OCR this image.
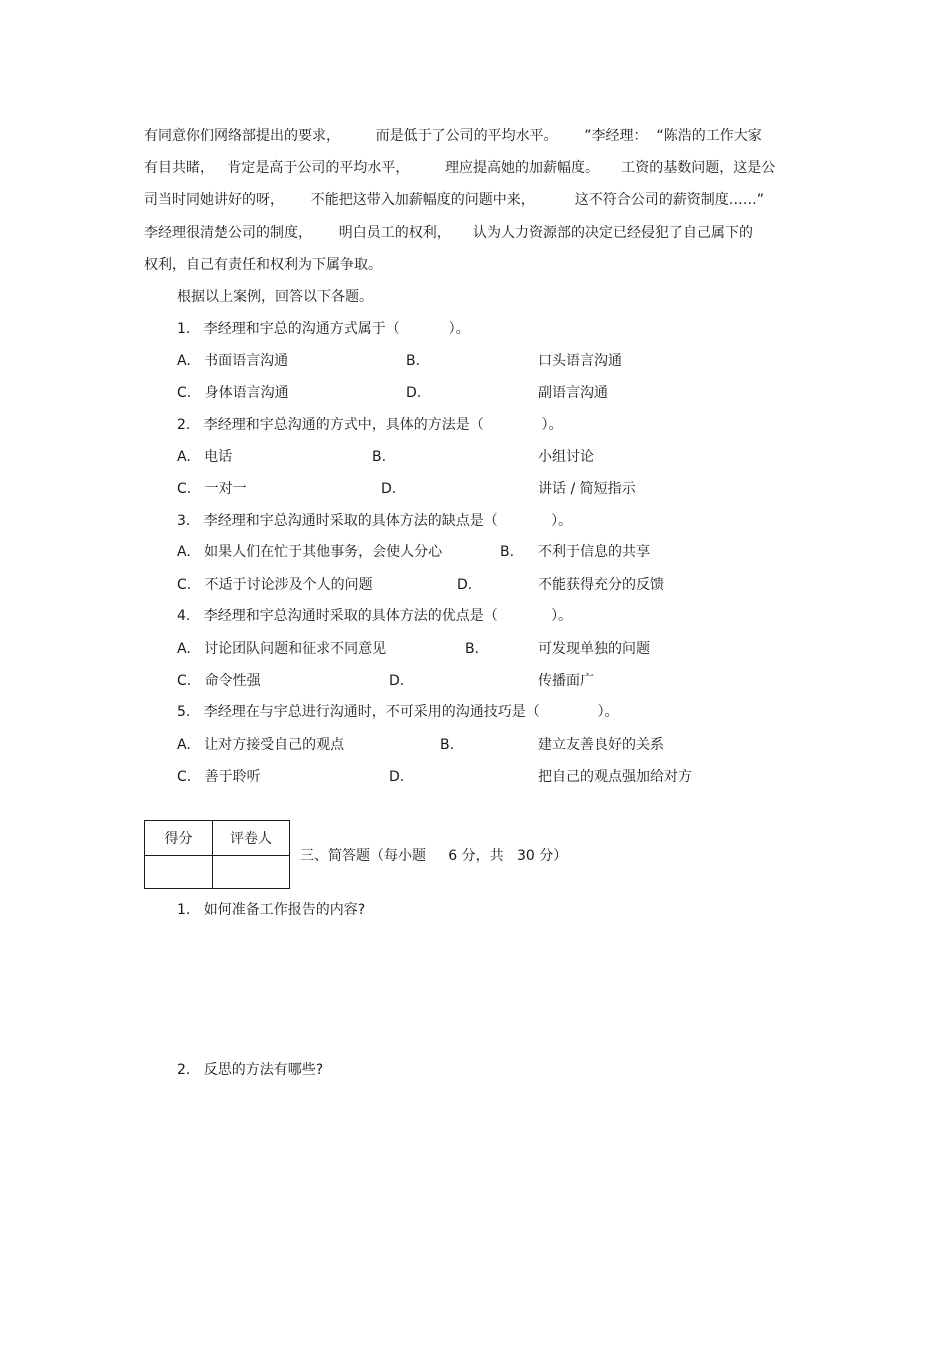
有同意你们网络部提出的要求，        而是低于了公司的平均水平。      ”李经理：  “陈浩的工作大家
有目共睹，   肯定是高于公司的平均水平，        理应提高她的加薪幅度。     工资的基数问题，这是公
司当时同她讲好的呀，      不能把这带入加薪幅度的问题中来，         这不符合公司的薪资制度……”
李经理很清楚公司的制度，      明白员工的权利，     认为人力资源部的决定已经侵犯了自己属下的
权利，自己有责任和权利为下属争取。
根据以上案例，回答以下各题。
1.   李经理和宇总的沟通方式属于（           ）。
A.   书面语言沟通	B.	口头语言沟通
C.   身体语言沟通	D.	副语言沟通
2.   李经理和宇总沟通的方式中，具体的方法是（             ）。
A.   电话	B.	小组讨论
C.   一对一	D.	讲话 / 简短指示
3.   李经理和宇总沟通时采取的具体方法的缺点是（            ）。
A.   如果人们在忙于其他事务，会使人分心	B. 不利于信息的共享
C.   不适于讨论涉及个人的问题	D.	不能获得充分的反馈
4.   李经理和宇总沟通时采取的具体方法的优点是（            ）。
A.   讨论团队问题和征求不同意见	B.	可发现单独的问题
C.   命令性强	D.	传播面广
5.   李经理在与宇总进行沟通时，不可采用的沟通技巧是（             ）。
A.   让对方接受自己的观点	B.	建立友善良好的关系
C.   善于聆听	D.	把自己的观点强加给对方
得分	评卷人

三、简答题（每小题     6 分，共   30 分）
1.   如何准备工作报告的内容?
2.   反思的方法有哪些?
